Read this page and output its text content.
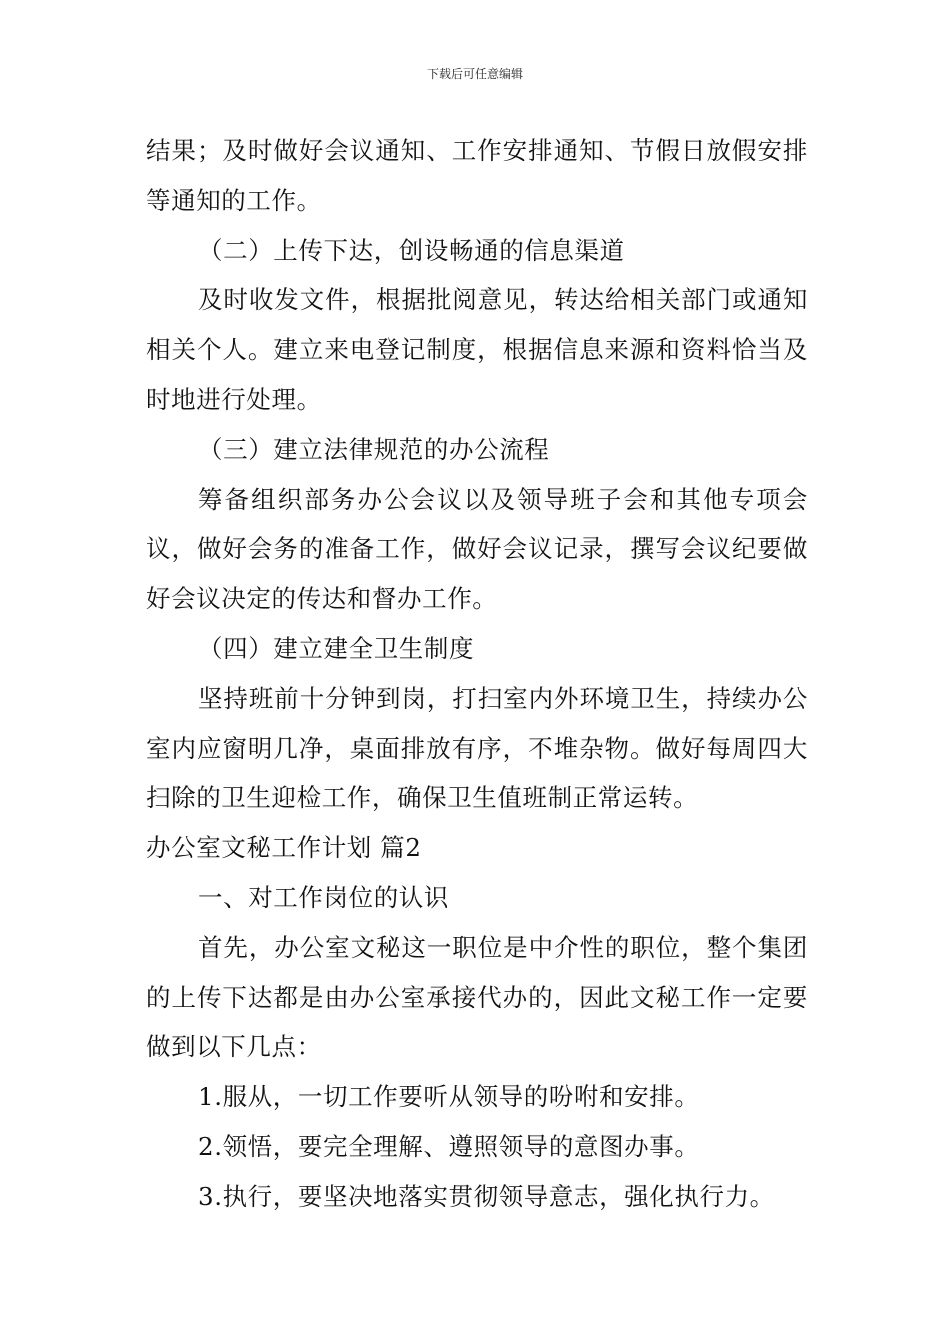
下载后可任意编辑

结果；及时做好会议通知、工作安排通知、节假日放假安排等通知的工作。

（二）上传下达，创设畅通的信息渠道

及时收发文件，根据批阅意见，转达给相关部门或通知相关个人。建立来电登记制度，根据信息来源和资料恰当及时地进行处理。

（三）建立法律规范的办公流程

筹备组织部务办公会议以及领导班子会和其他专项会议，做好会务的准备工作，做好会议记录，撰写会议纪要做好会议决定的传达和督办工作。

（四）建立建全卫生制度

坚持班前十分钟到岗，打扫室内外环境卫生，持续办公室内应窗明几净，桌面排放有序，不堆杂物。做好每周四大扫除的卫生迎检工作，确保卫生值班制正常运转。

办公室文秘工作计划 篇2

一、对工作岗位的认识

首先，办公室文秘这一职位是中介性的职位，整个集团的上传下达都是由办公室承接代办的，因此文秘工作一定要做到以下几点：

1.服从，一切工作要听从领导的吩咐和安排。

2.领悟，要完全理解、遵照领导的意图办事。

3.执行，要坚决地落实贯彻领导意志，强化执行力。
